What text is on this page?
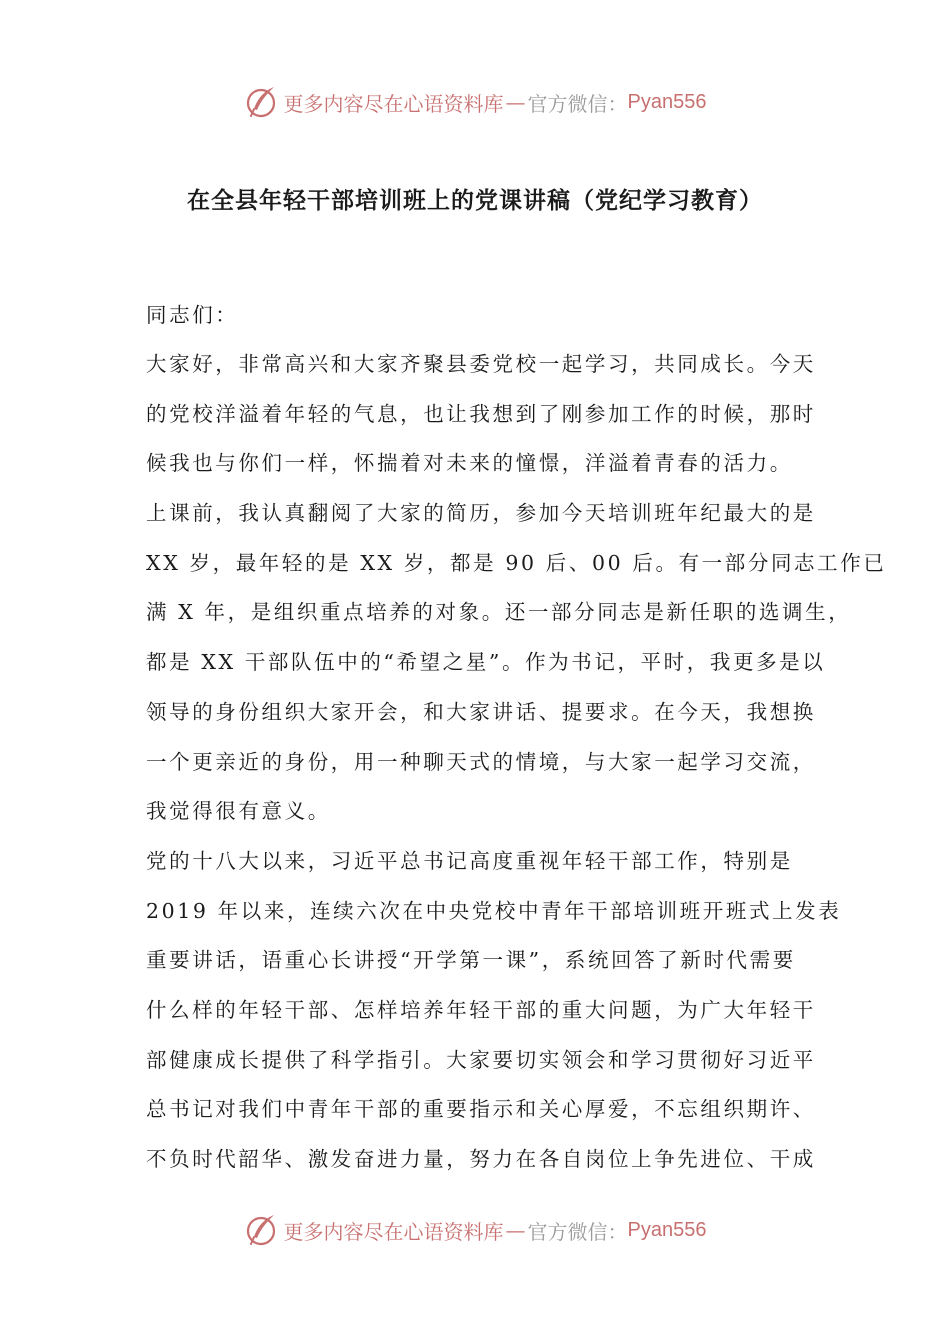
更多内容尽在心语资料库 — 官方微信： Pyan556
在全县年轻干部培训班上的党课讲稿（党纪学习教育）
同志们：
大家好，非常高兴和大家齐聚县委党校一起学习，共同成长。今天
的党校洋溢着年轻的气息，也让我想到了刚参加工作的时候，那时
候我也与你们一样，怀揣着对未来的憧憬，洋溢着青春的活力。
上课前，我认真翻阅了大家的简历，参加今天培训班年纪最大的是
XX 岁，最年轻的是 XX 岁，都是 90 后、00 后。有一部分同志工作已
满 X 年，是组织重点培养的对象。还一部分同志是新任职的选调生，
都是 XX 干部队伍中的“希望之星”。作为书记，平时，我更多是以
领导的身份组织大家开会，和大家讲话、提要求。在今天，我想换
一个更亲近的身份，用一种聊天式的情境，与大家一起学习交流，
我觉得很有意义。
党的十八大以来，习近平总书记高度重视年轻干部工作，特别是
2019 年以来，连续六次在中央党校中青年干部培训班开班式上发表
重要讲话，语重心长讲授“开学第一课”，系统回答了新时代需要
什么样的年轻干部、怎样培养年轻干部的重大问题，为广大年轻干
部健康成长提供了科学指引。大家要切实领会和学习贯彻好习近平
总书记对我们中青年干部的重要指示和关心厚爱，不忘组织期许、
不负时代韶华、激发奋进力量，努力在各自岗位上争先进位、干成
更多内容尽在心语资料库 — 官方微信： Pyan556
